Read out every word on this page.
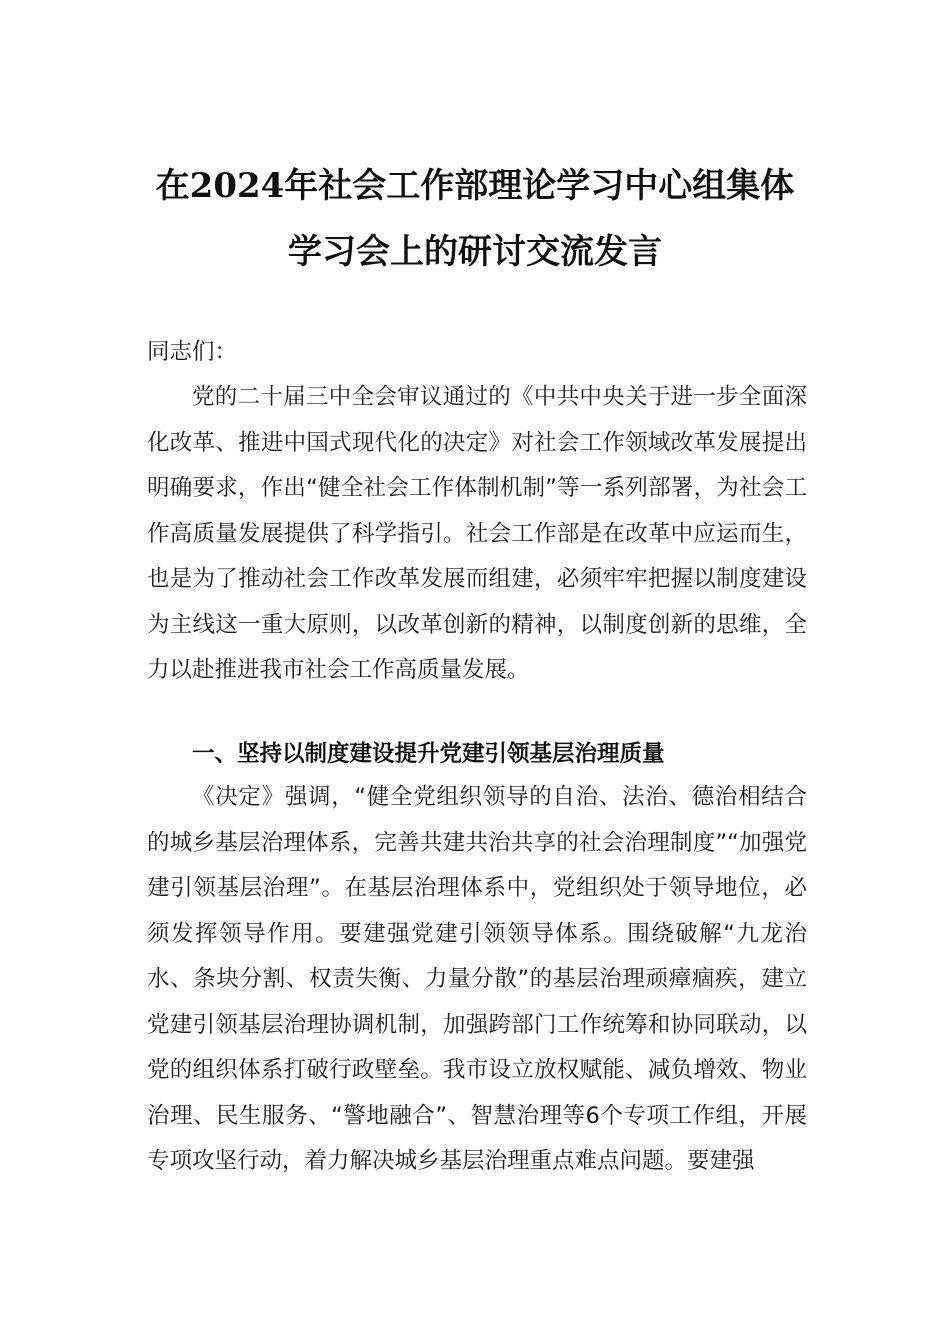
在2024年社会工作部理论学习中心组集体
学习会上的研讨交流发言

同志们：

党的二十届三中全会审议通过的《中共中央关于进一步全面深化改革、推进中国式现代化的决定》对社会工作领域改革发展提出明确要求，作出“健全社会工作体制机制”等一系列部署，为社会工作高质量发展提供了科学指引。社会工作部是在改革中应运而生，也是为了推动社会工作改革发展而组建，必须牢牢把握以制度建设为主线这一重大原则，以改革创新的精神，以制度创新的思维，全力以赴推进我市社会工作高质量发展。

一、坚持以制度建设提升党建引领基层治理质量

《决定》强调，“健全党组织领导的自治、法治、德治相结合的城乡基层治理体系，完善共建共治共享的社会治理制度”“加强党建引领基层治理”。在基层治理体系中，党组织处于领导地位，必须发挥领导作用。要建强党建引领领导体系。围绕破解“九龙治水、条块分割、权责失衡、力量分散”的基层治理顽瘴痼疾，建立党建引领基层治理协调机制，加强跨部门工作统筹和协同联动，以党的组织体系打破行政壁垒。我市设立放权赋能、减负增效、物业治理、民生服务、“警地融合”、智慧治理等6个专项工作组，开展专项攻坚行动，着力解决城乡基层治理重点难点问题。要建强
